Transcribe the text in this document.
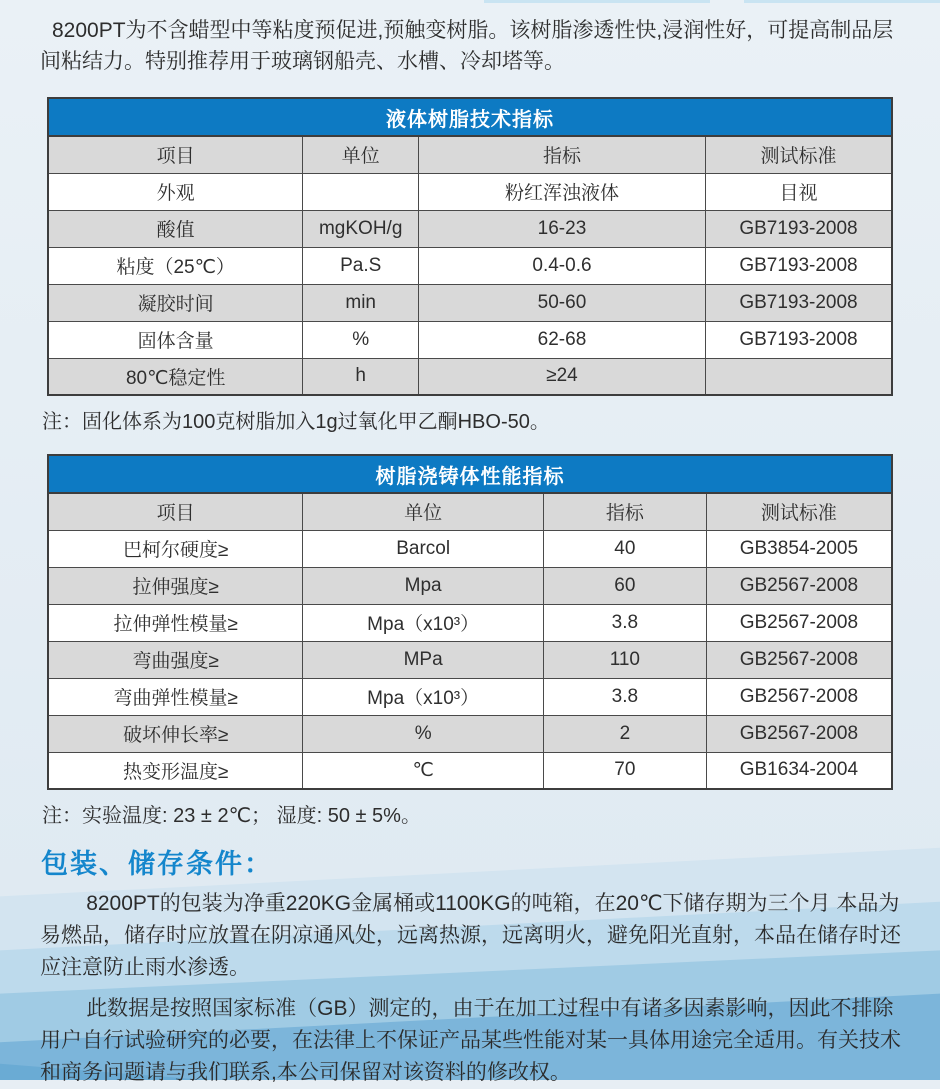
8200PT为不含蜡型中等粘度预促进,预触变树脂。该树脂渗透性快,浸润性好，可提高制品层间粘结力。特别推荐用于玻璃钢船壳、水槽、冷却塔等。

液体树脂技术指标			
项目	单位	指标	测试标准
外观		粉红浑浊液体	目视
酸值	mgKOH/g	16-23	GB7193-2008
粘度（25℃）	Pa.S	0.4-0.6	GB7193-2008
凝胶时间	min	50-60	GB7193-2008
固体含量	%	62-68	GB7193-2008
80℃稳定性	h	≥24	

注：固化体系为100克树脂加入1g过氧化甲乙酮HBO-50。

树脂浇铸体性能指标			
项目	单位	指标	测试标准
巴柯尔硬度≥	Barcol	40	GB3854-2005
拉伸强度≥	Mpa	60	GB2567-2008
拉伸弹性模量≥	Mpa（x10³）	3.8	GB2567-2008
弯曲强度≥	MPa	110	GB2567-2008
弯曲弹性模量≥	Mpa（x10³）	3.8	GB2567-2008
破坏伸长率≥	%	2	GB2567-2008
热变形温度≥	℃	70	GB1634-2004

注：实验温度: 23 ± 2℃； 湿度: 50 ± 5%。

包装、储存条件：

8200PT的包装为净重220KG金属桶或1100KG的吨箱，在20℃下储存期为三个月 本品为易燃品，储存时应放置在阴凉通风处，远离热源，远离明火，避免阳光直射，本品在储存时还应注意防止雨水渗透。

此数据是按照国家标准（GB）测定的，由于在加工过程中有诸多因素影响，因此不排除用户自行试验研究的必要，在法律上不保证产品某些性能对某一具体用途完全适用。有关技术和商务问题请与我们联系,本公司保留对该资料的修改权。
